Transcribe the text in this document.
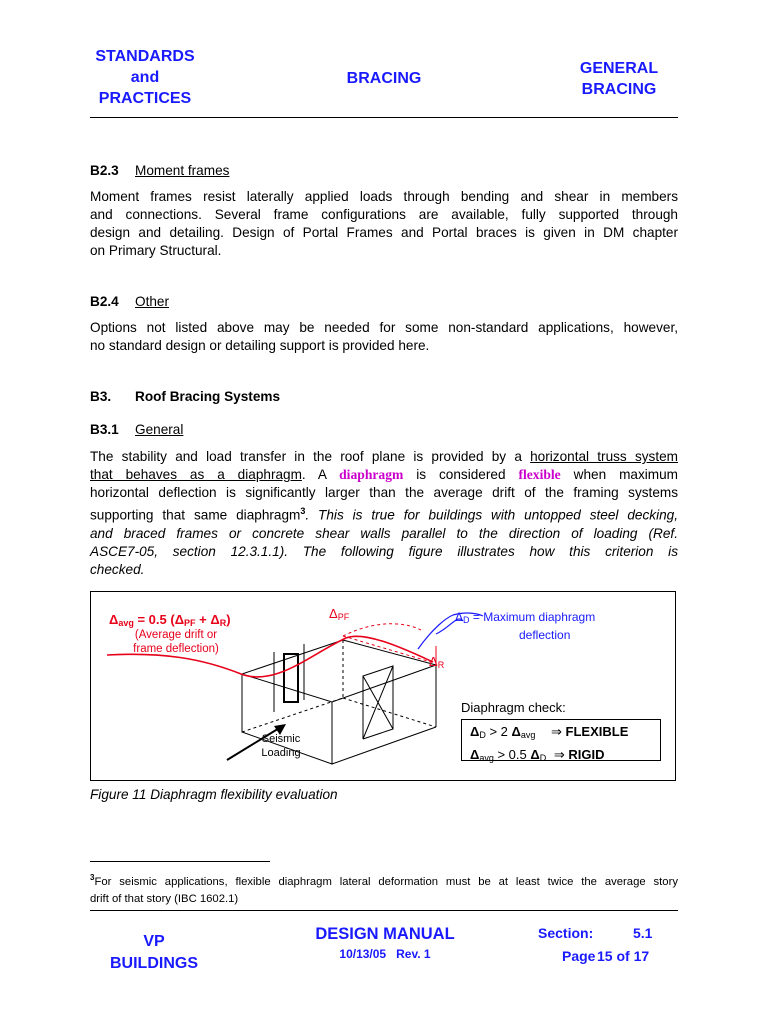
STANDARDS
and
PRACTICES
BRACING
GENERAL
BRACING
B2.3 Moment frames
Moment frames resist laterally applied loads through bending and shear in members
and connections. Several frame configurations are available, fully supported through
design and detailing. Design of Portal Frames and Portal braces is given in DM chapter
on Primary Structural.
B2.4 Other
Options not listed above may be needed for some non-standard applications, however,
no standard design or detailing support is provided here.
B3. Roof Bracing Systems
B3.1 General
The stability and load transfer in the roof plane is provided by a horizontal truss system
that behaves as a diaphragm. A diaphragm is considered flexible when maximum
horizontal deflection is significantly larger than the average drift of the framing systems
supporting that same diaphragm$^3$. This is true for buildings with untopped steel decking,
and braced frames or concrete shear walls parallel to the direction of loading (Ref.
ASCE7-05, section 12.3.1.1). The following figure illustrates how this criterion is
checked.
$\Delta_{avg} = 0.5$ $(\Delta_{PF} + \Delta_R)$
(Average drift or
frame deflection)
$\Delta_{PF}$
$\Delta_R$
$\Delta_D$ = Maximum diaphragm
deflection
Seismic
Loading
Diaphragm check:
$\Delta_D > 2$ $\Delta_{avg}$ ⇒ FLEXIBLE
$\Delta_{avg} > 0.5$ $\Delta_D$ ⇒ RIGID
Figure 11 Diaphragm flexibility evaluation
$^3$For seismic applications, flexible diaphragm lateral deformation must be at least twice the average story
drift of that story (IBC 1602.1)
VP
BUILDINGS
DESIGN MANUAL
10/13/05 Rev. 1
Section:	5.1
Page 15 of 17
